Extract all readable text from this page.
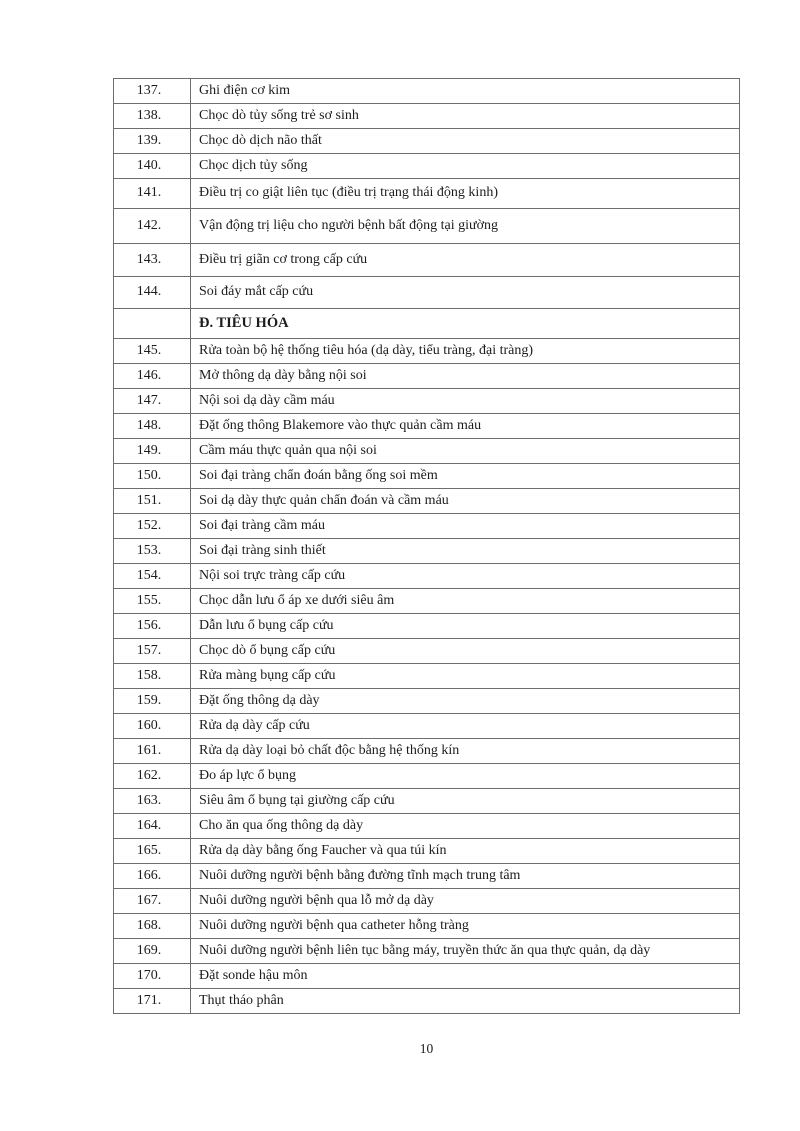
137.	Ghi điện cơ kim
138.	Chọc dò tủy sống trẻ sơ sinh
139.	Chọc dò dịch não thất
140.	Chọc dịch tủy sống
141.	Điều trị co giật liên tục (điều trị trạng thái động kinh)
142.	Vận động trị liệu cho người bệnh bất động tại giường
143.	Điều trị giãn cơ trong cấp cứu
144.	Soi đáy mắt cấp cứu
	Đ. TIÊU HÓA
145.	Rửa toàn bộ hệ thống tiêu hóa (dạ dày, tiểu tràng, đại tràng)
146.	Mở thông dạ dày bằng nội soi
147.	Nội soi dạ dày cầm máu
148.	Đặt ống thông Blakemore vào thực quản cầm máu
149.	Cầm máu thực quản qua nội soi
150.	Soi đại tràng chẩn đoán bằng ống soi mềm
151.	Soi dạ dày thực quản chẩn đoán và cầm máu
152.	Soi đại tràng cầm máu
153.	Soi đại tràng sinh thiết
154.	Nội soi trực tràng cấp cứu
155.	Chọc dẫn lưu ổ áp xe dưới siêu âm
156.	Dẫn lưu ổ bụng cấp cứu
157.	Chọc dò ổ bụng cấp cứu
158.	Rửa màng bụng cấp cứu
159.	Đặt ống thông dạ dày
160.	Rửa dạ dày cấp cứu
161.	Rửa dạ dày loại bỏ chất độc bằng hệ thống kín
162.	Đo áp lực ổ bụng
163.	Siêu âm ổ bụng tại giường cấp cứu
164.	Cho ăn qua ống thông dạ dày
165.	Rửa dạ dày bằng ống Faucher và qua túi kín
166.	Nuôi dưỡng người bệnh bằng đường tĩnh mạch trung tâm
167.	Nuôi dưỡng người bệnh qua lỗ mở dạ dày
168.	Nuôi dưỡng người bệnh qua catheter hỗng tràng
169.	Nuôi dưỡng người bệnh liên tục bằng máy, truyền thức ăn qua thực quản, dạ dày
170.	Đặt sonde hậu môn
171.	Thụt tháo phân
10
